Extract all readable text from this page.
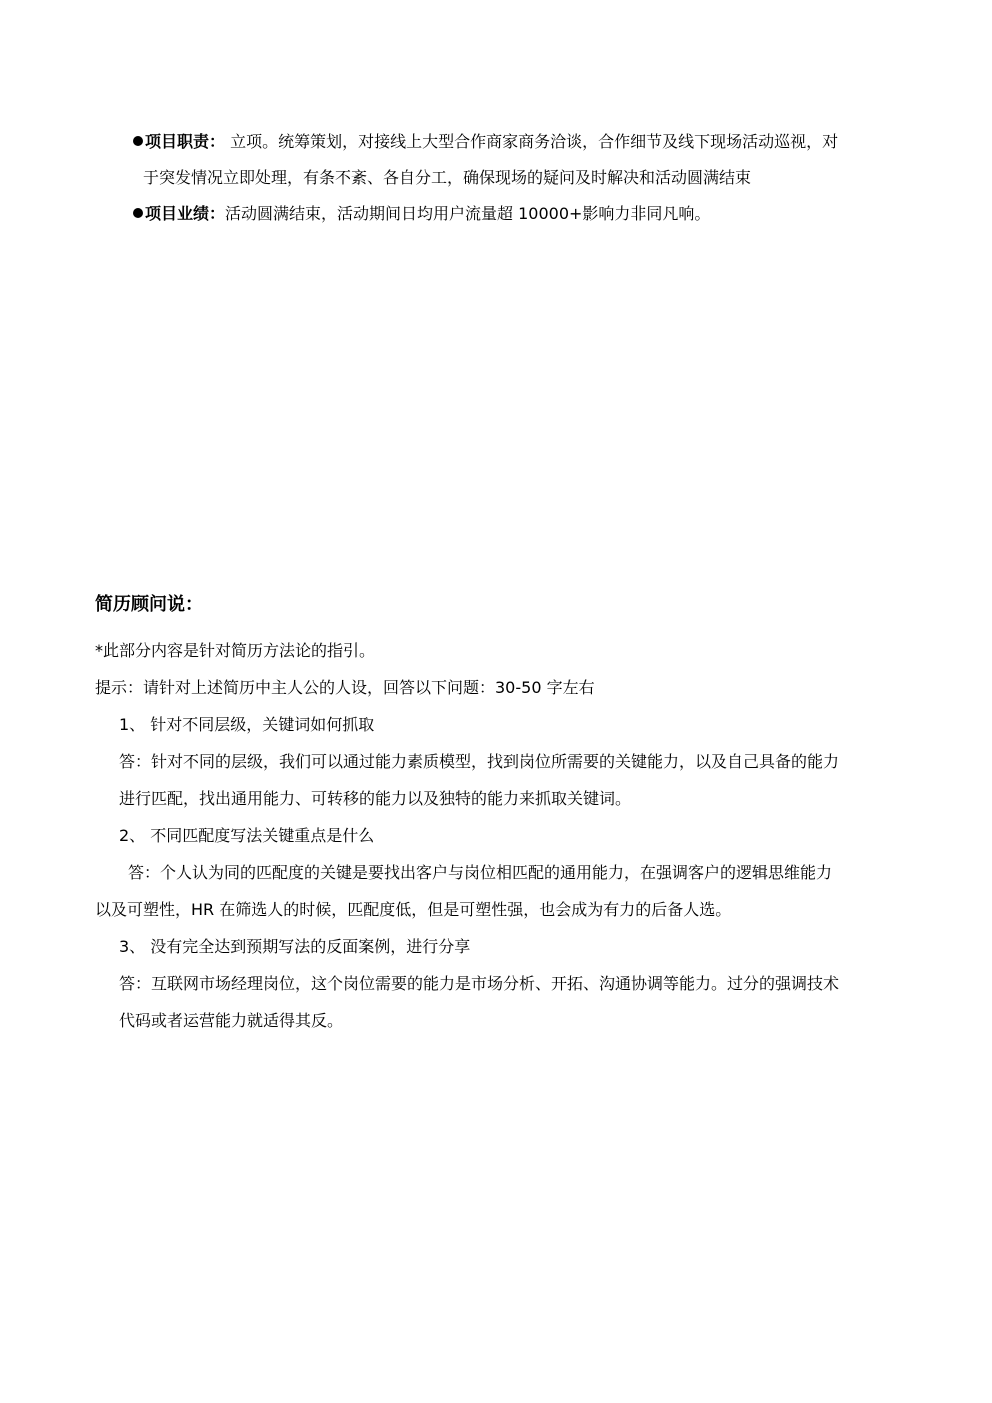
项目职责： 立项。统筹策划，对接线上大型合作商家商务洽谈，合作细节及线下现场活动巡视，对
于突发情况立即处理，有条不紊、各自分工，确保现场的疑问及时解决和活动圆满结束
项目业绩：活动圆满结束，活动期间日均用户流量超 10000+影响力非同凡响。
简历顾问说：
*此部分内容是针对简历方法论的指引。
提示：请针对上述简历中主人公的人设，回答以下问题：30-50 字左右
1、 针对不同层级，关键词如何抓取
答：针对不同的层级，我们可以通过能力素质模型，找到岗位所需要的关键能力，以及自己具备的能力
进行匹配，找出通用能力、可转移的能力以及独特的能力来抓取关键词。
2、 不同匹配度写法关键重点是什么
答：个人认为同的匹配度的关键是要找出客户与岗位相匹配的通用能力，在强调客户的逻辑思维能力
以及可塑性，HR 在筛选人的时候，匹配度低，但是可塑性强，也会成为有力的后备人选。
3、 没有完全达到预期写法的反面案例，进行分享
答：互联网市场经理岗位，这个岗位需要的能力是市场分析、开拓、沟通协调等能力。过分的强调技术
代码或者运营能力就适得其反。
